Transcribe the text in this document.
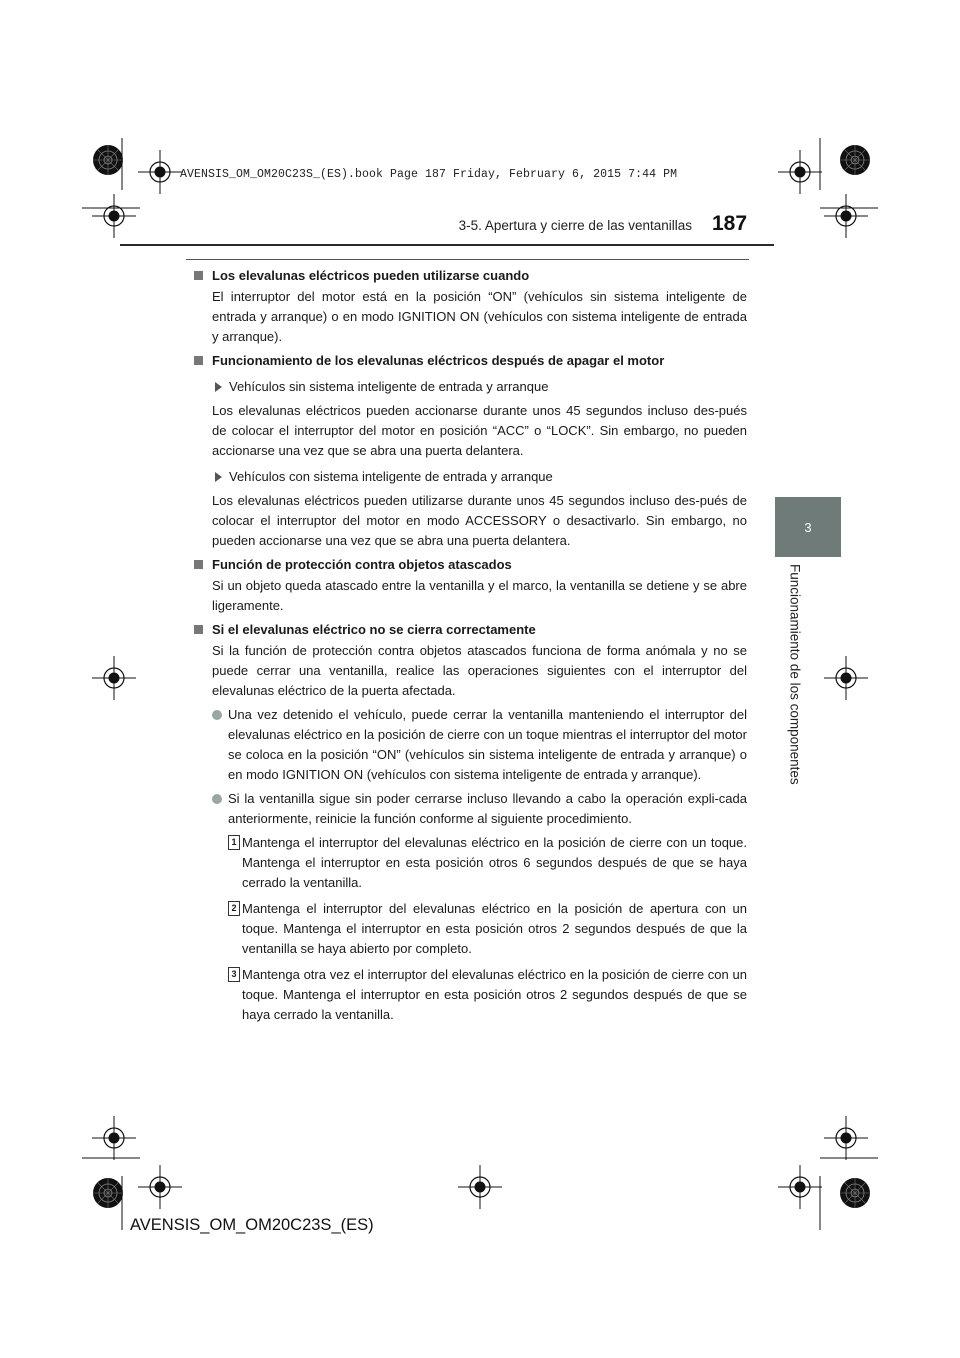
AVENSIS_OM_OM20C23S_(ES).book Page 187 Friday, February 6, 2015 7:44 PM
3-5. Apertura y cierre de las ventanillas 187
3
Funcionamiento de los componentes
Los elevalunas eléctricos pueden utilizarse cuando
El interruptor del motor está en la posición “ON” (vehículos sin sistema inteligente de entrada y arranque) o en modo IGNITION ON (vehículos con sistema inteligente de entrada y arranque).
Funcionamiento de los elevalunas eléctricos después de apagar el motor
Vehículos sin sistema inteligente de entrada y arranque
Los elevalunas eléctricos pueden accionarse durante unos 45 segundos incluso des-pués de colocar el interruptor del motor en posición “ACC” o “LOCK”. Sin embargo, no pueden accionarse una vez que se abra una puerta delantera.
Vehículos con sistema inteligente de entrada y arranque
Los elevalunas eléctricos pueden utilizarse durante unos 45 segundos incluso des-pués de colocar el interruptor del motor en modo ACCESSORY o desactivarlo. Sin embargo, no pueden accionarse una vez que se abra una puerta delantera.
Función de protección contra objetos atascados
Si un objeto queda atascado entre la ventanilla y el marco, la ventanilla se detiene y se abre ligeramente.
Si el elevalunas eléctrico no se cierra correctamente
Si la función de protección contra objetos atascados funciona de forma anómala y no se puede cerrar una ventanilla, realice las operaciones siguientes con el interruptor del elevalunas eléctrico de la puerta afectada.
Una vez detenido el vehículo, puede cerrar la ventanilla manteniendo el interruptor del elevalunas eléctrico en la posición de cierre con un toque mientras el interruptor del motor se coloca en la posición “ON” (vehículos sin sistema inteligente de entrada y arranque) o en modo IGNITION ON (vehículos con sistema inteligente de entrada y arranque).
Si la ventanilla sigue sin poder cerrarse incluso llevando a cabo la operación expli-cada anteriormente, reinicie la función conforme al siguiente procedimiento.
1 Mantenga el interruptor del elevalunas eléctrico en la posición de cierre con un toque. Mantenga el interruptor en esta posición otros 6 segundos después de que se haya cerrado la ventanilla.
2 Mantenga el interruptor del elevalunas eléctrico en la posición de apertura con un toque. Mantenga el interruptor en esta posición otros 2 segundos después de que la ventanilla se haya abierto por completo.
3 Mantenga otra vez el interruptor del elevalunas eléctrico en la posición de cierre con un toque. Mantenga el interruptor en esta posición otros 2 segundos después de que se haya cerrado la ventanilla.
AVENSIS_OM_OM20C23S_(ES)
